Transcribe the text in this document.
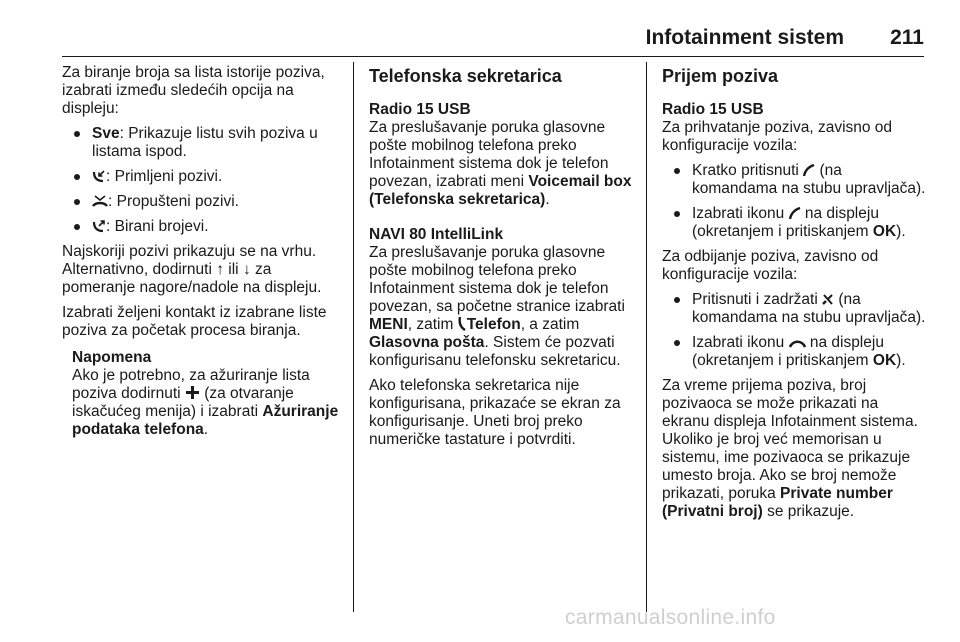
Infotainment sistem 211

Za biranje broja sa lista istorije poziva, izabrati između sledećih opcija na displeju:

Sve: Prikazuje listu svih poziva u listama ispod.
: Primljeni pozivi.
: Propušteni pozivi.
: Birani brojevi.

Najskoriji pozivi prikazuju se na vrhu. Alternativno, dodirnuti ↑ ili ↓ za pomeranje nagore/nadole na displeju.

Izabrati željeni kontakt iz izabrane liste poziva za početak procesa biranja.

Napomena
Ako je potrebno, za ažuriranje lista poziva dodirnuti (za otvaranje iskačućeg menija) i izabrati Ažuriranje podataka telefona.
Telefonska sekretarica
Radio 15 USB

Za preslušavanje poruka glasovne pošte mobilnog telefona preko Infotainment sistema dok je telefon povezan, izabrati meni Voicemail box (Telefonska sekretarica).

NAVI 80 IntelliLink

Za preslušavanje poruka glasovne pošte mobilnog telefona preko Infotainment sistema dok je telefon povezan, sa početne stranice izabrati MENI, zatim Telefon, a zatim Glasovna pošta. Sistem će pozvati konfigurisanu telefonsku sekretaricu.

Ako telefonska sekretarica nije konfigurisana, prikazaće se ekran za konfigurisanje. Uneti broj preko numeričke tastature i potvrditi.

Prijem poziva
Radio 15 USB

Za prihvatanje poziva, zavisno od konfiguracije vozila:

Kratko pritisnuti (na komandama na stubu upravljača).
Izabrati ikonu na displeju (okretanjem i pritiskanjem OK).

Za odbijanje poziva, zavisno od konfiguracije vozila:

Pritisnuti i zadržati (na komandama na stubu upravljača).
Izabrati ikonu na displeju (okretanjem i pritiskanjem OK).

Za vreme prijema poziva, broj pozivaoca se može prikazati na ekranu displeja Infotainment sistema. Ukoliko je broj već memorisan u sistemu, ime pozivaoca se prikazuje umesto broja. Ako se broj nemože prikazati, poruka Private number (Privatni broj) se prikazuje.

carmanualsonline.info
